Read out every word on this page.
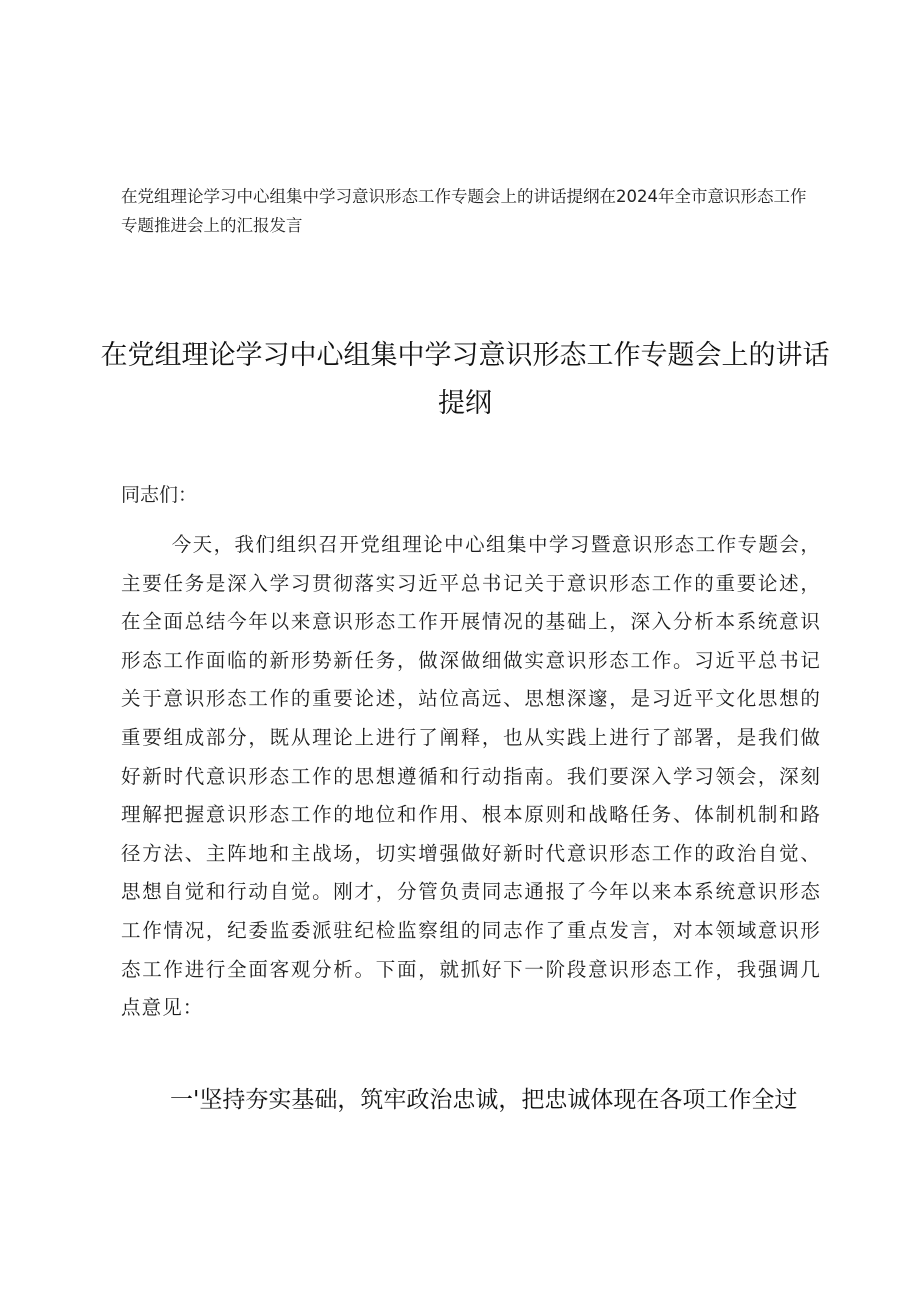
在党组理论学习中心组集中学习意识形态工作专题会上的讲话提纲在2024年全市意识形态工作专题推进会上的汇报发言
在党组理论学习中心组集中学习意识形态工作专题会上的讲话提纲
同志们：
今天，我们组织召开党组理论中心组集中学习暨意识形态工作专题会，主要任务是深入学习贯彻落实习近平总书记关于意识形态工作的重要论述，在全面总结今年以来意识形态工作开展情况的基础上，深入分析本系统意识形态工作面临的新形势新任务，做深做细做实意识形态工作。习近平总书记关于意识形态工作的重要论述，站位高远、思想深邃，是习近平文化思想的重要组成部分，既从理论上进行了阐释，也从实践上进行了部署，是我们做好新时代意识形态工作的思想遵循和行动指南。我们要深入学习领会，深刻理解把握意识形态工作的地位和作用、根本原则和战略任务、体制机制和路径方法、主阵地和主战场，切实增强做好新时代意识形态工作的政治自觉、思想自觉和行动自觉。刚才，分管负责同志通报了今年以来本系统意识形态工作情况，纪委监委派驻纪检监察组的同志作了重点发言，对本领域意识形态工作进行全面客观分析。下面，就抓好下一阶段意识形态工作，我强调几点意见：
一'坚持夯实基础，筑牢政治忠诚，把忠诚体现在各项工作全过
